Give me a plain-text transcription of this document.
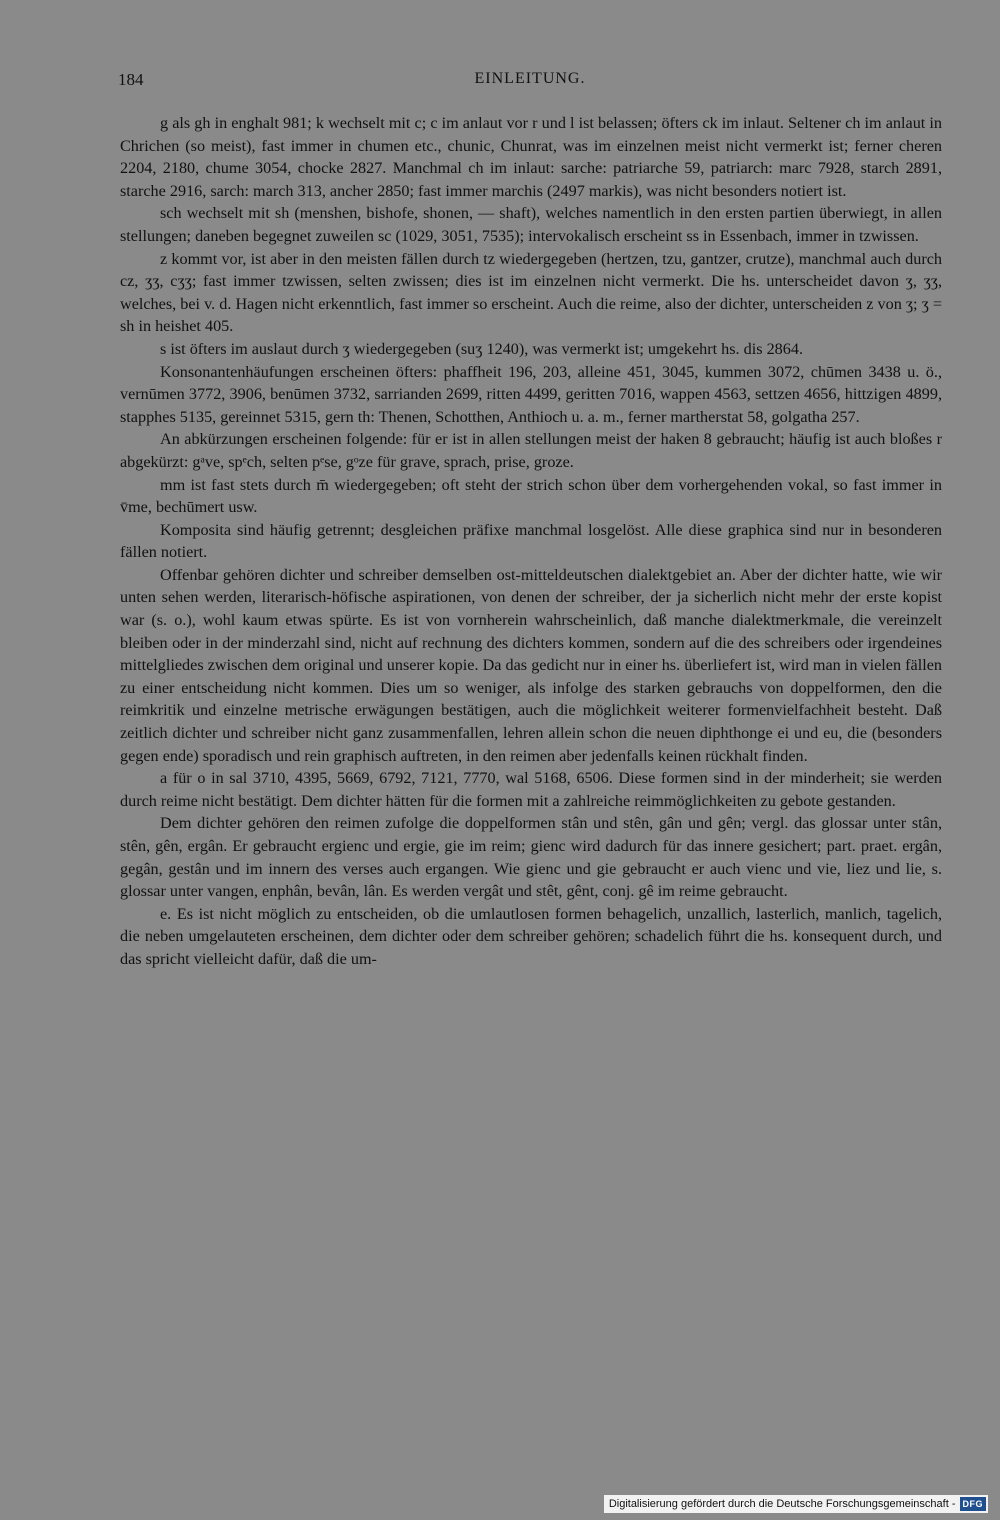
184	EINLEITUNG.

g als gh in enghalt 981; k wechselt mit c; c im anlaut vor r und l ist belassen; öfters ck im inlaut. Seltener ch im anlaut in Chrichen (so meist), fast immer in chumen etc., chunic, Chunrat, was im einzelnen meist nicht vermerkt ist; ferner cheren 2204, 2180, chume 3054, chocke 2827. Manchmal ch im inlaut: sarche: patriarche 59, patriarch: marc 7928, starch 2891, starche 2916, sarch: march 313, ancher 2850; fast immer marchis (2497 markis), was nicht besonders notiert ist.

sch wechselt mit sh (menshen, bishofe, shonen, — shaft), welches namentlich in den ersten partien überwiegt, in allen stellungen; daneben begegnet zuweilen sc (1029, 3051, 7535); intervokalisch erscheint ss in Essenbach, immer in tzwissen.

z kommt vor, ist aber in den meisten fällen durch tz wiedergegeben (hertzen, tzu, gantzer, crutze), manchmal auch durch cz, ʒʒ, cʒʒ; fast immer tzwissen, selten zwissen; dies ist im einzelnen nicht vermerkt. Die hs. unterscheidet davon ʒ, ʒʒ, welches, bei v. d. Hagen nicht erkenntlich, fast immer so erscheint. Auch die reime, also der dichter, unterscheiden z von ʒ; ʒ = sh in heishet 405.

s ist öfters im auslaut durch ʒ wiedergegeben (suʒ 1240), was vermerkt ist; umgekehrt hs. dis 2864.

Konsonantenhäufungen erscheinen öfters: phaffheit 196, 203, alleine 451, 3045, kummen 3072, chūmen 3438 u. ö., vernūmen 3772, 3906, benūmen 3732, sarrianden 2699, ritten 4499, geritten 7016, wappen 4563, settzen 4656, hittzigen 4899, stapphes 5135, gereinnet 5315, gern th: Thenen, Schotthen, Anthioch u. a. m., ferner martherstat 58, golgatha 257.

An abkürzungen erscheinen folgende: für er ist in allen stellungen meist der haken 8 gebraucht; häufig ist auch bloßes r abgekürzt: gᵃve, spᵉch, selten pᵉse, gᵒze für grave, sprach, prise, groze.

mm ist fast stets durch m̄ wiedergegeben; oft steht der strich schon über dem vorhergehenden vokal, so fast immer in v̄me, bechūmert usw.

Komposita sind häufig getrennt; desgleichen präfixe manchmal losgelöst. Alle diese graphica sind nur in besonderen fällen notiert.

Offenbar gehören dichter und schreiber demselben ost-mitteldeutschen dialektgebiet an. Aber der dichter hatte, wie wir unten sehen werden, literarisch-höfische aspirationen, von denen der schreiber, der ja sicherlich nicht mehr der erste kopist war (s. o.), wohl kaum etwas spürte. Es ist von vornherein wahrscheinlich, daß manche dialektmerkmale, die vereinzelt bleiben oder in der minderzahl sind, nicht auf rechnung des dichters kommen, sondern auf die des schreibers oder irgendeines mittelgliedes zwischen dem original und unserer kopie. Da das gedicht nur in einer hs. überliefert ist, wird man in vielen fällen zu einer entscheidung nicht kommen. Dies um so weniger, als infolge des starken gebrauchs von doppelformen, den die reimkritik und einzelne metrische erwägungen bestätigen, auch die möglichkeit weiterer formenvielfachheit besteht. Daß zeitlich dichter und schreiber nicht ganz zusammenfallen, lehren allein schon die neuen diphthonge ei und eu, die (besonders gegen ende) sporadisch und rein graphisch auftreten, in den reimen aber jedenfalls keinen rückhalt finden.

a für o in sal 3710, 4395, 5669, 6792, 7121, 7770, wal 5168, 6506. Diese formen sind in der minderheit; sie werden durch reime nicht bestätigt. Dem dichter hätten für die formen mit a zahlreiche reimmöglichkeiten zu gebote gestanden.

Dem dichter gehören den reimen zufolge die doppelformen stân und stên, gân und gên; vergl. das glossar unter stân, stên, gên, ergân. Er gebraucht ergienc und ergie, gie im reim; gienc wird dadurch für das innere gesichert; part. praet. ergân, gegân, gestân und im innern des verses auch ergangen. Wie gienc und gie gebraucht er auch vienc und vie, liez und lie, s. glossar unter vangen, enphân, bevân, lân. Es werden vergât und stêt, gênt, conj. gê im reime gebraucht.

e. Es ist nicht möglich zu entscheiden, ob die umlautlosen formen behagelich, unzallich, lasterlich, manlich, tagelich, die neben umgelauteten erscheinen, dem dichter oder dem schreiber gehören; schadelich führt die hs. konsequent durch, und das spricht vielleicht dafür, daß die um-

Digitalisierung gefördert durch die Deutsche Forschungsgemeinschaft - DFG
